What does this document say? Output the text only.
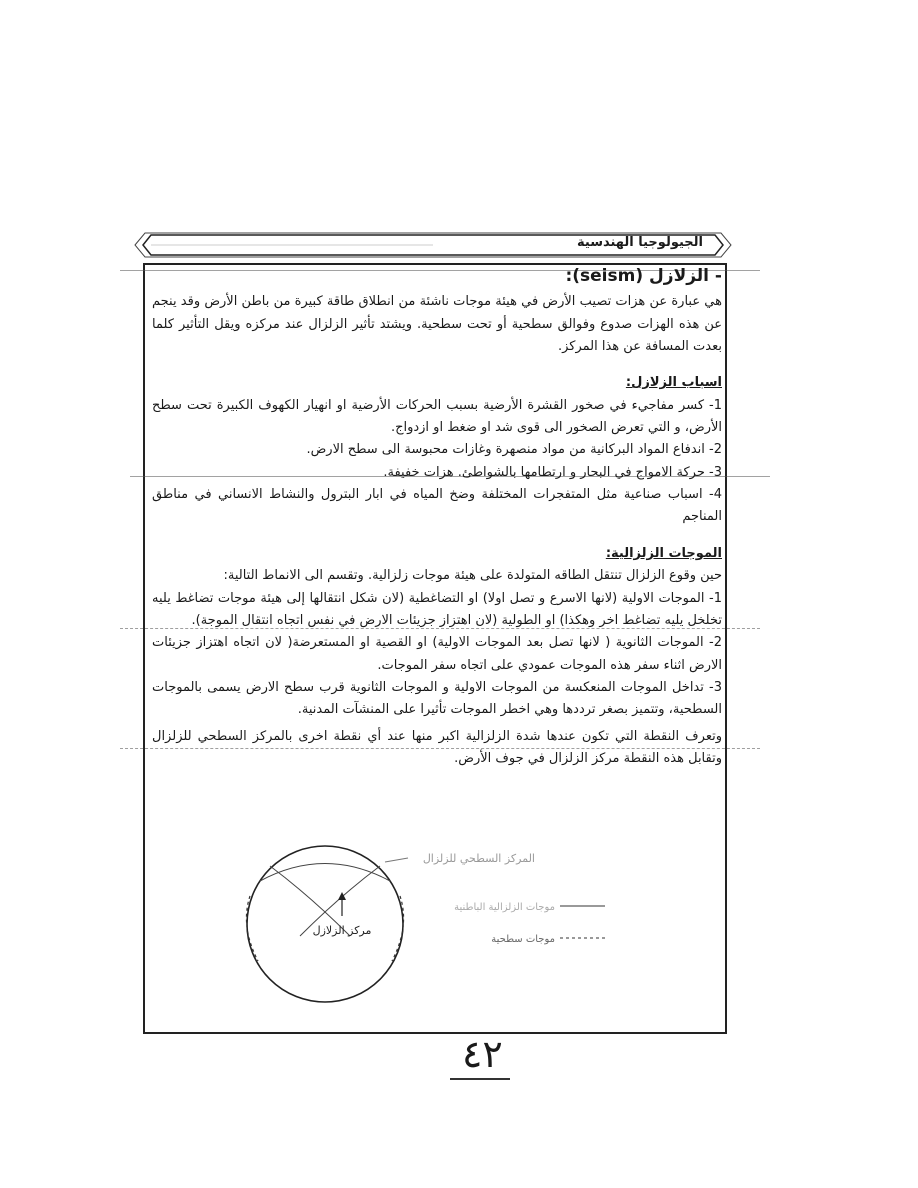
الجيولوجيا الهندسية

- الزلازل (seism):

هي عبارة عن هزات تصيب الأرض في هيئة موجات ناشئة من انطلاق طاقة كبيرة من باطن الأرض وقد ينجم عن هذه الهزات صدوع وفوالق سطحية أو تحت سطحية. ويشتد تأثير الزلزال عند مركزه ويقل التأثير كلما بعدت المسافة عن هذا المركز.

اسباب الزلازل:

1- كسر مفاجيء في صخور القشرة الأرضية بسبب الحركات الأرضية او انهيار الكهوف الكبيرة تحت سطح الأرض، و التي تعرض الصخور الى قوى شد او ضغط او ازدواج.

2- اندفاع المواد البركانية من مواد منصهرة وغازات محبوسة الى سطح الارض.

3- حركة الامواج في البحار و ارتطامها بالشواطئ. هزات خفيفة.

4- اسباب صناعية مثل المتفجرات المختلفة وضخ المياه في ابار البترول والنشاط الانساني في مناطق المناجم

الموجات الزلزالية:

حين وقوع الزلزال تنتقل الطاقه المتولدة على هيئة موجات زلزالية. وتقسم الى الانماط التالية:

1- الموجات الاولية (لانها الاسرع و تصل اولا) او التضاغطية (لان شكل انتقالها إلى هيئة موجات تضاغط يليه تخلخل يليه تضاغط اخر وهكذا) او الطولية (لان اهتزاز جزيئات الارض في نفس اتجاه انتقال الموجة).

2- الموجات الثانوية ( لانها تصل بعد الموجات الاولية) او القصية او المستعرضة( لان اتجاه اهتزاز جزيئات الارض اثناء سفر هذه الموجات عمودي على اتجاه سفر الموجات.

3- تداخل الموجات المنعكسة من الموجات الاولية و الموجات الثانوية قرب سطح الارض يسمى بالموجات السطحية، وتتميز بصغر ترددها وهي اخطر الموجات تأثيرا على المنشآت المدنية.

وتعرف النقطة التي تكون عندها شدة الزلزالية اكبر منها عند أي نقطة اخرى بالمركز السطحي للزلزال وتقابل هذه النقطة مركز الزلزال في جوف الأرض.

مركز الزلازل
المركز السطحي للزلزال
موجات الزلزالية الباطنية
موجات سطحية
٤٢
